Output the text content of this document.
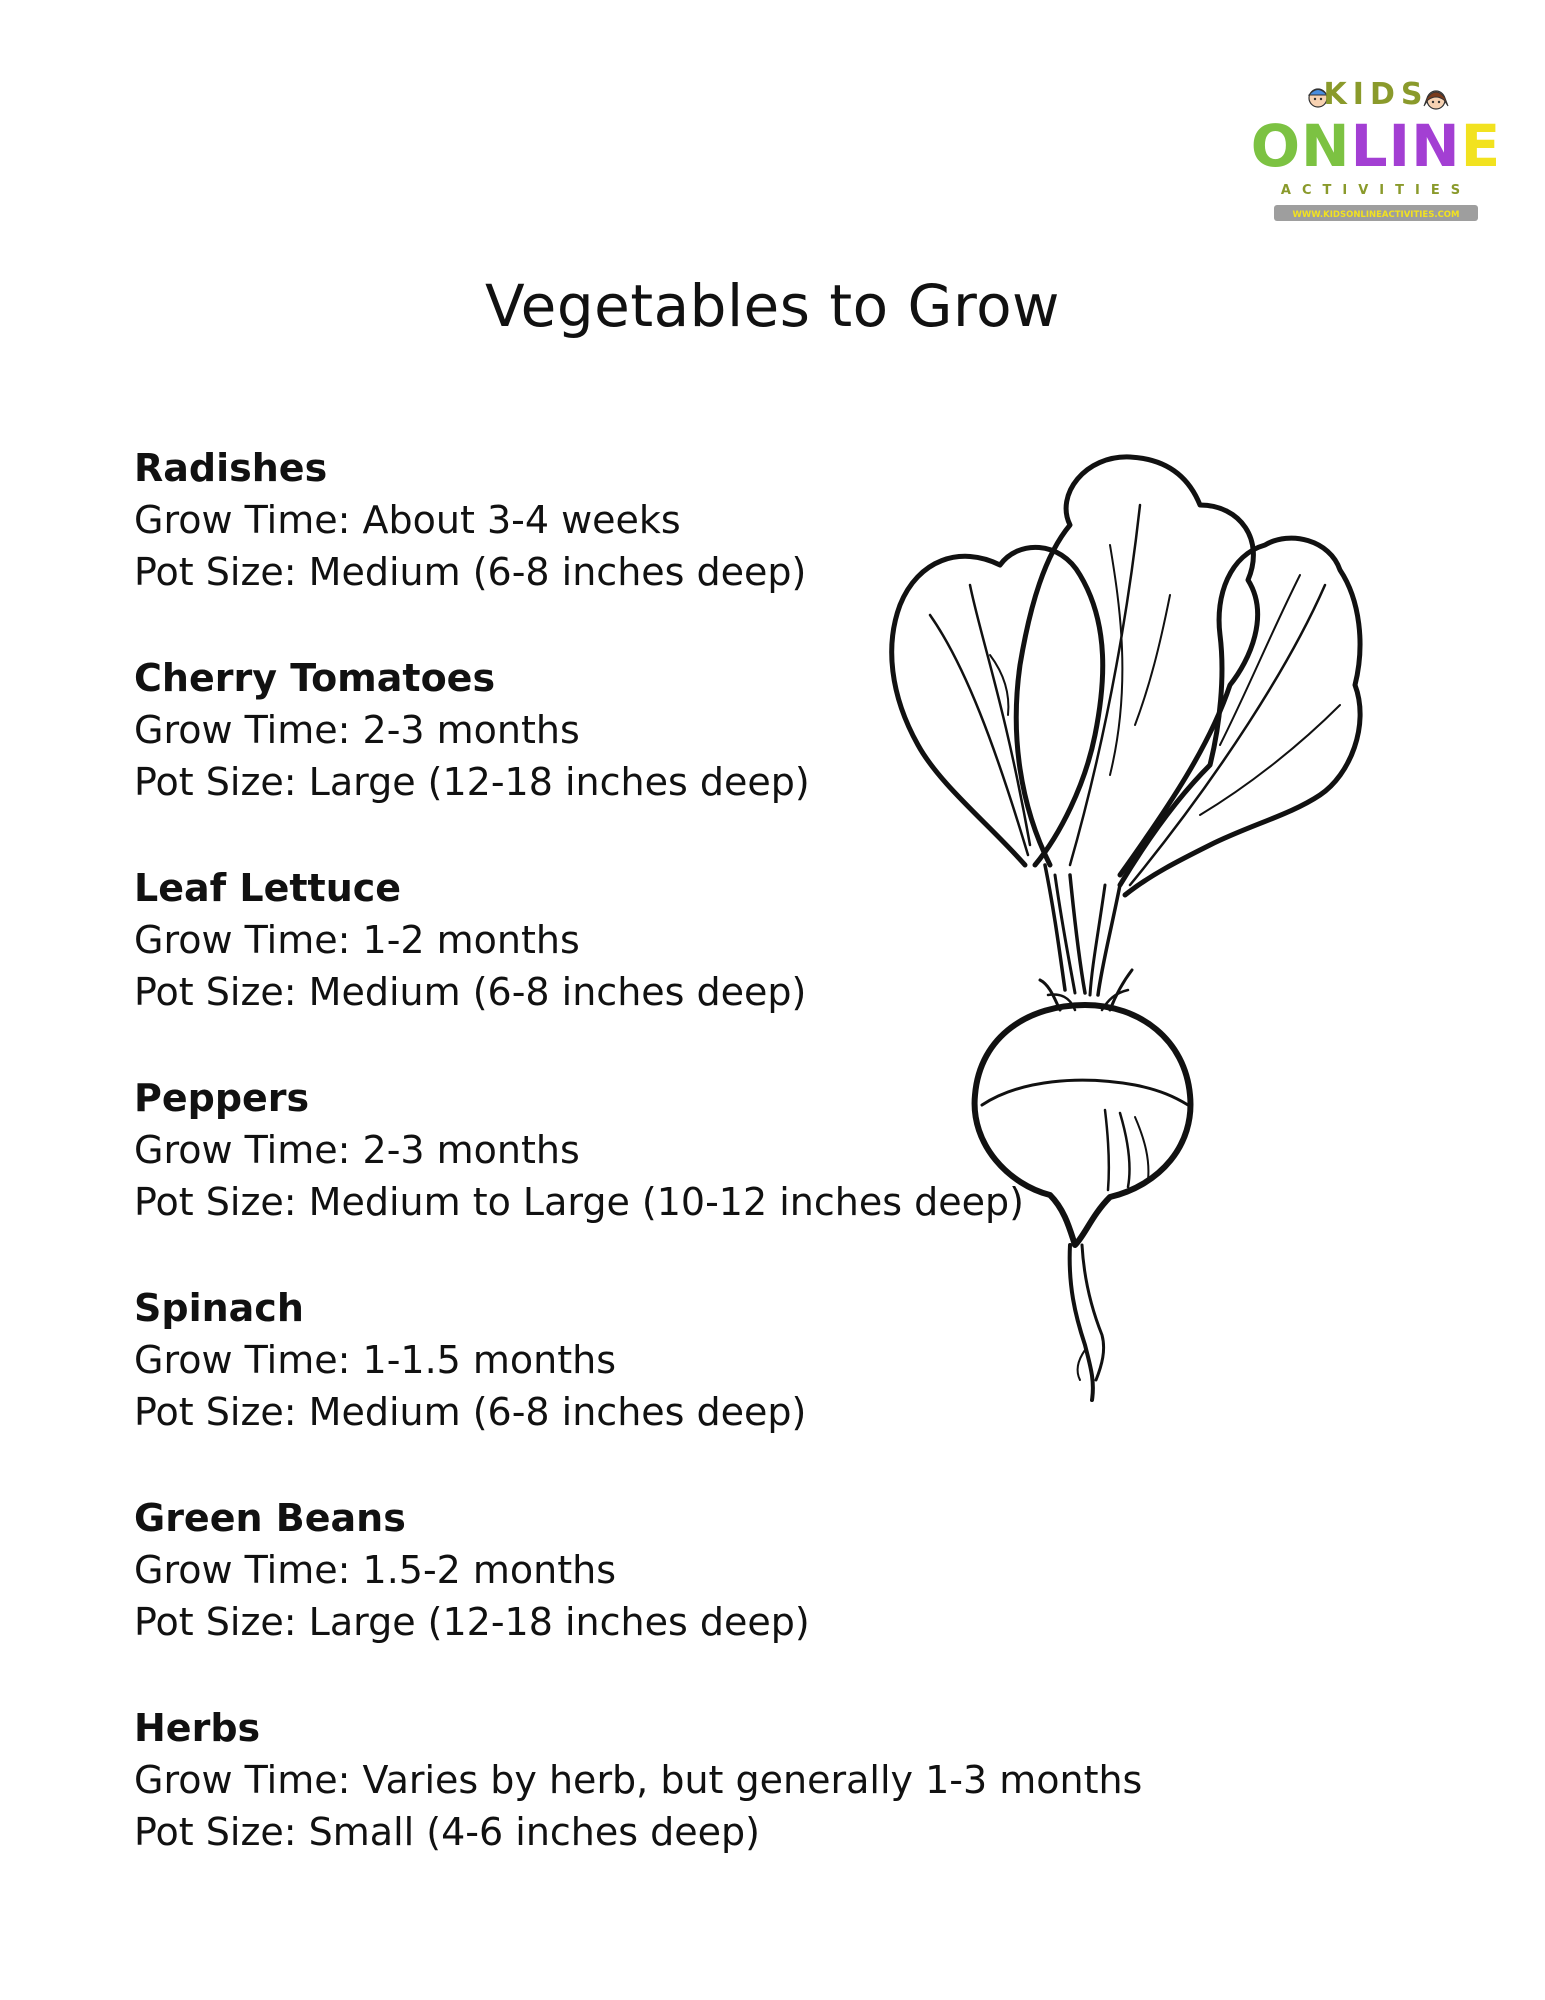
KIDS
ONLINE
ACTIVITIES
WWW.KIDSONLINEACTIVITIES.COM
Vegetables to Grow
Radishes
Grow Time: About 3-4 weeks
Pot Size: Medium (6-8 inches deep)
Cherry Tomatoes
Grow Time: 2-3 months
Pot Size: Large (12-18 inches deep)
Leaf Lettuce
Grow Time: 1-2 months
Pot Size: Medium (6-8 inches deep)
Peppers
Grow Time: 2-3 months
Pot Size: Medium to Large (10-12 inches deep)
Spinach
Grow Time: 1-1.5 months
Pot Size: Medium (6-8 inches deep)
Green Beans
Grow Time: 1.5-2 months
Pot Size: Large (12-18 inches deep)
Herbs
Grow Time: Varies by herb, but generally 1-3 months
Pot Size: Small (4-6 inches deep)
